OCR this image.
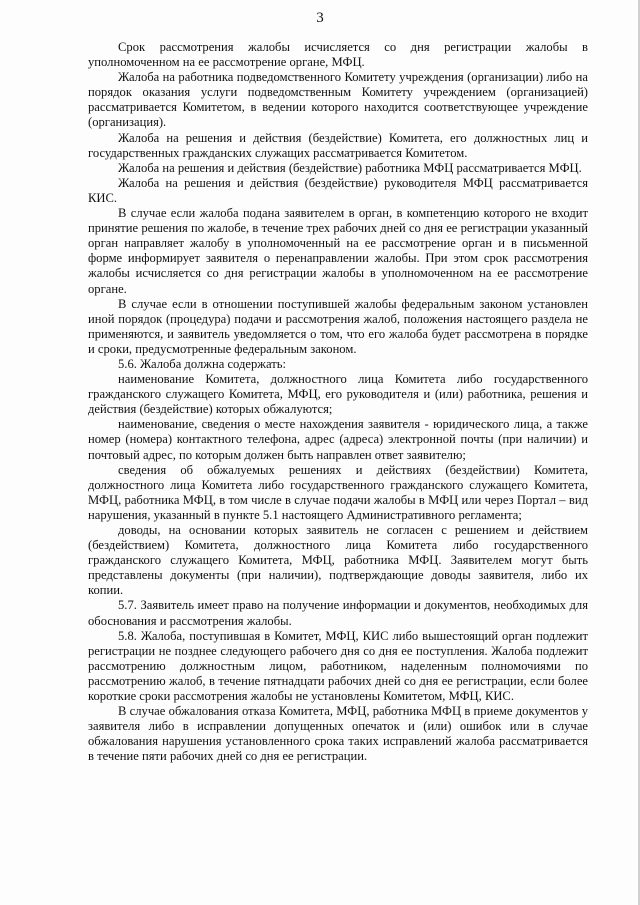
3

Срок рассмотрения жалобы исчисляется со дня регистрации жалобы в уполномоченном на ее рассмотрение органе, МФЦ.

Жалоба на работника подведомственного Комитету учреждения (организации) либо на порядок оказания услуги подведомственным Комитету учреждением (организацией) рассматривается Комитетом, в ведении которого находится соответствующее учреждение (организация).

Жалоба на решения и действия (бездействие) Комитета, его должностных лиц и государственных гражданских служащих рассматривается Комитетом.

Жалоба на решения и действия (бездействие) работника МФЦ рассматривается МФЦ.

Жалоба на решения и действия (бездействие) руководителя МФЦ рассматривается КИС.

В случае если жалоба подана заявителем в орган, в компетенцию которого не входит принятие решения по жалобе, в течение трех рабочих дней со дня ее регистрации указанный орган направляет жалобу в уполномоченный на ее рассмотрение орган и в письменной форме информирует заявителя о перенаправлении жалобы. При этом срок рассмотрения жалобы исчисляется со дня регистрации жалобы в уполномоченном на ее рассмотрение органе.

В случае если в отношении поступившей жалобы федеральным законом установлен иной порядок (процедура) подачи и рассмотрения жалоб, положения настоящего раздела не применяются, и заявитель уведомляется о том, что его жалоба будет рассмотрена в порядке и сроки, предусмотренные федеральным законом.

5.6. Жалоба должна содержать:

наименование Комитета, должностного лица Комитета либо государственного гражданского служащего Комитета, МФЦ, его руководителя и (или) работника, решения и действия (бездействие) которых обжалуются;

наименование, сведения о месте нахождения заявителя - юридического лица, а также номер (номера) контактного телефона, адрес (адреса) электронной почты (при наличии) и почтовый адрес, по которым должен быть направлен ответ заявителю;

сведения об обжалуемых решениях и действиях (бездействии) Комитета, должностного лица Комитета либо государственного гражданского служащего Комитета, МФЦ, работника МФЦ, в том числе в случае подачи жалобы в МФЦ или через Портал – вид нарушения, указанный в пункте 5.1 настоящего Административного регламента;

доводы, на основании которых заявитель не согласен с решением и действием (бездействием) Комитета, должностного лица Комитета либо государственного гражданского служащего Комитета, МФЦ, работника МФЦ. Заявителем могут быть представлены документы (при наличии), подтверждающие доводы заявителя, либо их копии.

5.7. Заявитель имеет право на получение информации и документов, необходимых для обоснования и рассмотрения жалобы.

5.8. Жалоба, поступившая в Комитет, МФЦ, КИС либо вышестоящий орган подлежит регистрации не позднее следующего рабочего дня со дня ее поступления. Жалоба подлежит рассмотрению должностным лицом, работником, наделенным полномочиями по рассмотрению жалоб, в течение пятнадцати рабочих дней со дня ее регистрации, если более короткие сроки рассмотрения жалобы не установлены Комитетом, МФЦ, КИС.

В случае обжалования отказа Комитета, МФЦ, работника МФЦ в приеме документов у заявителя либо в исправлении допущенных опечаток и (или) ошибок или в случае обжалования нарушения установленного срока таких исправлений жалоба рассматривается в течение пяти рабочих дней со дня ее регистрации.
